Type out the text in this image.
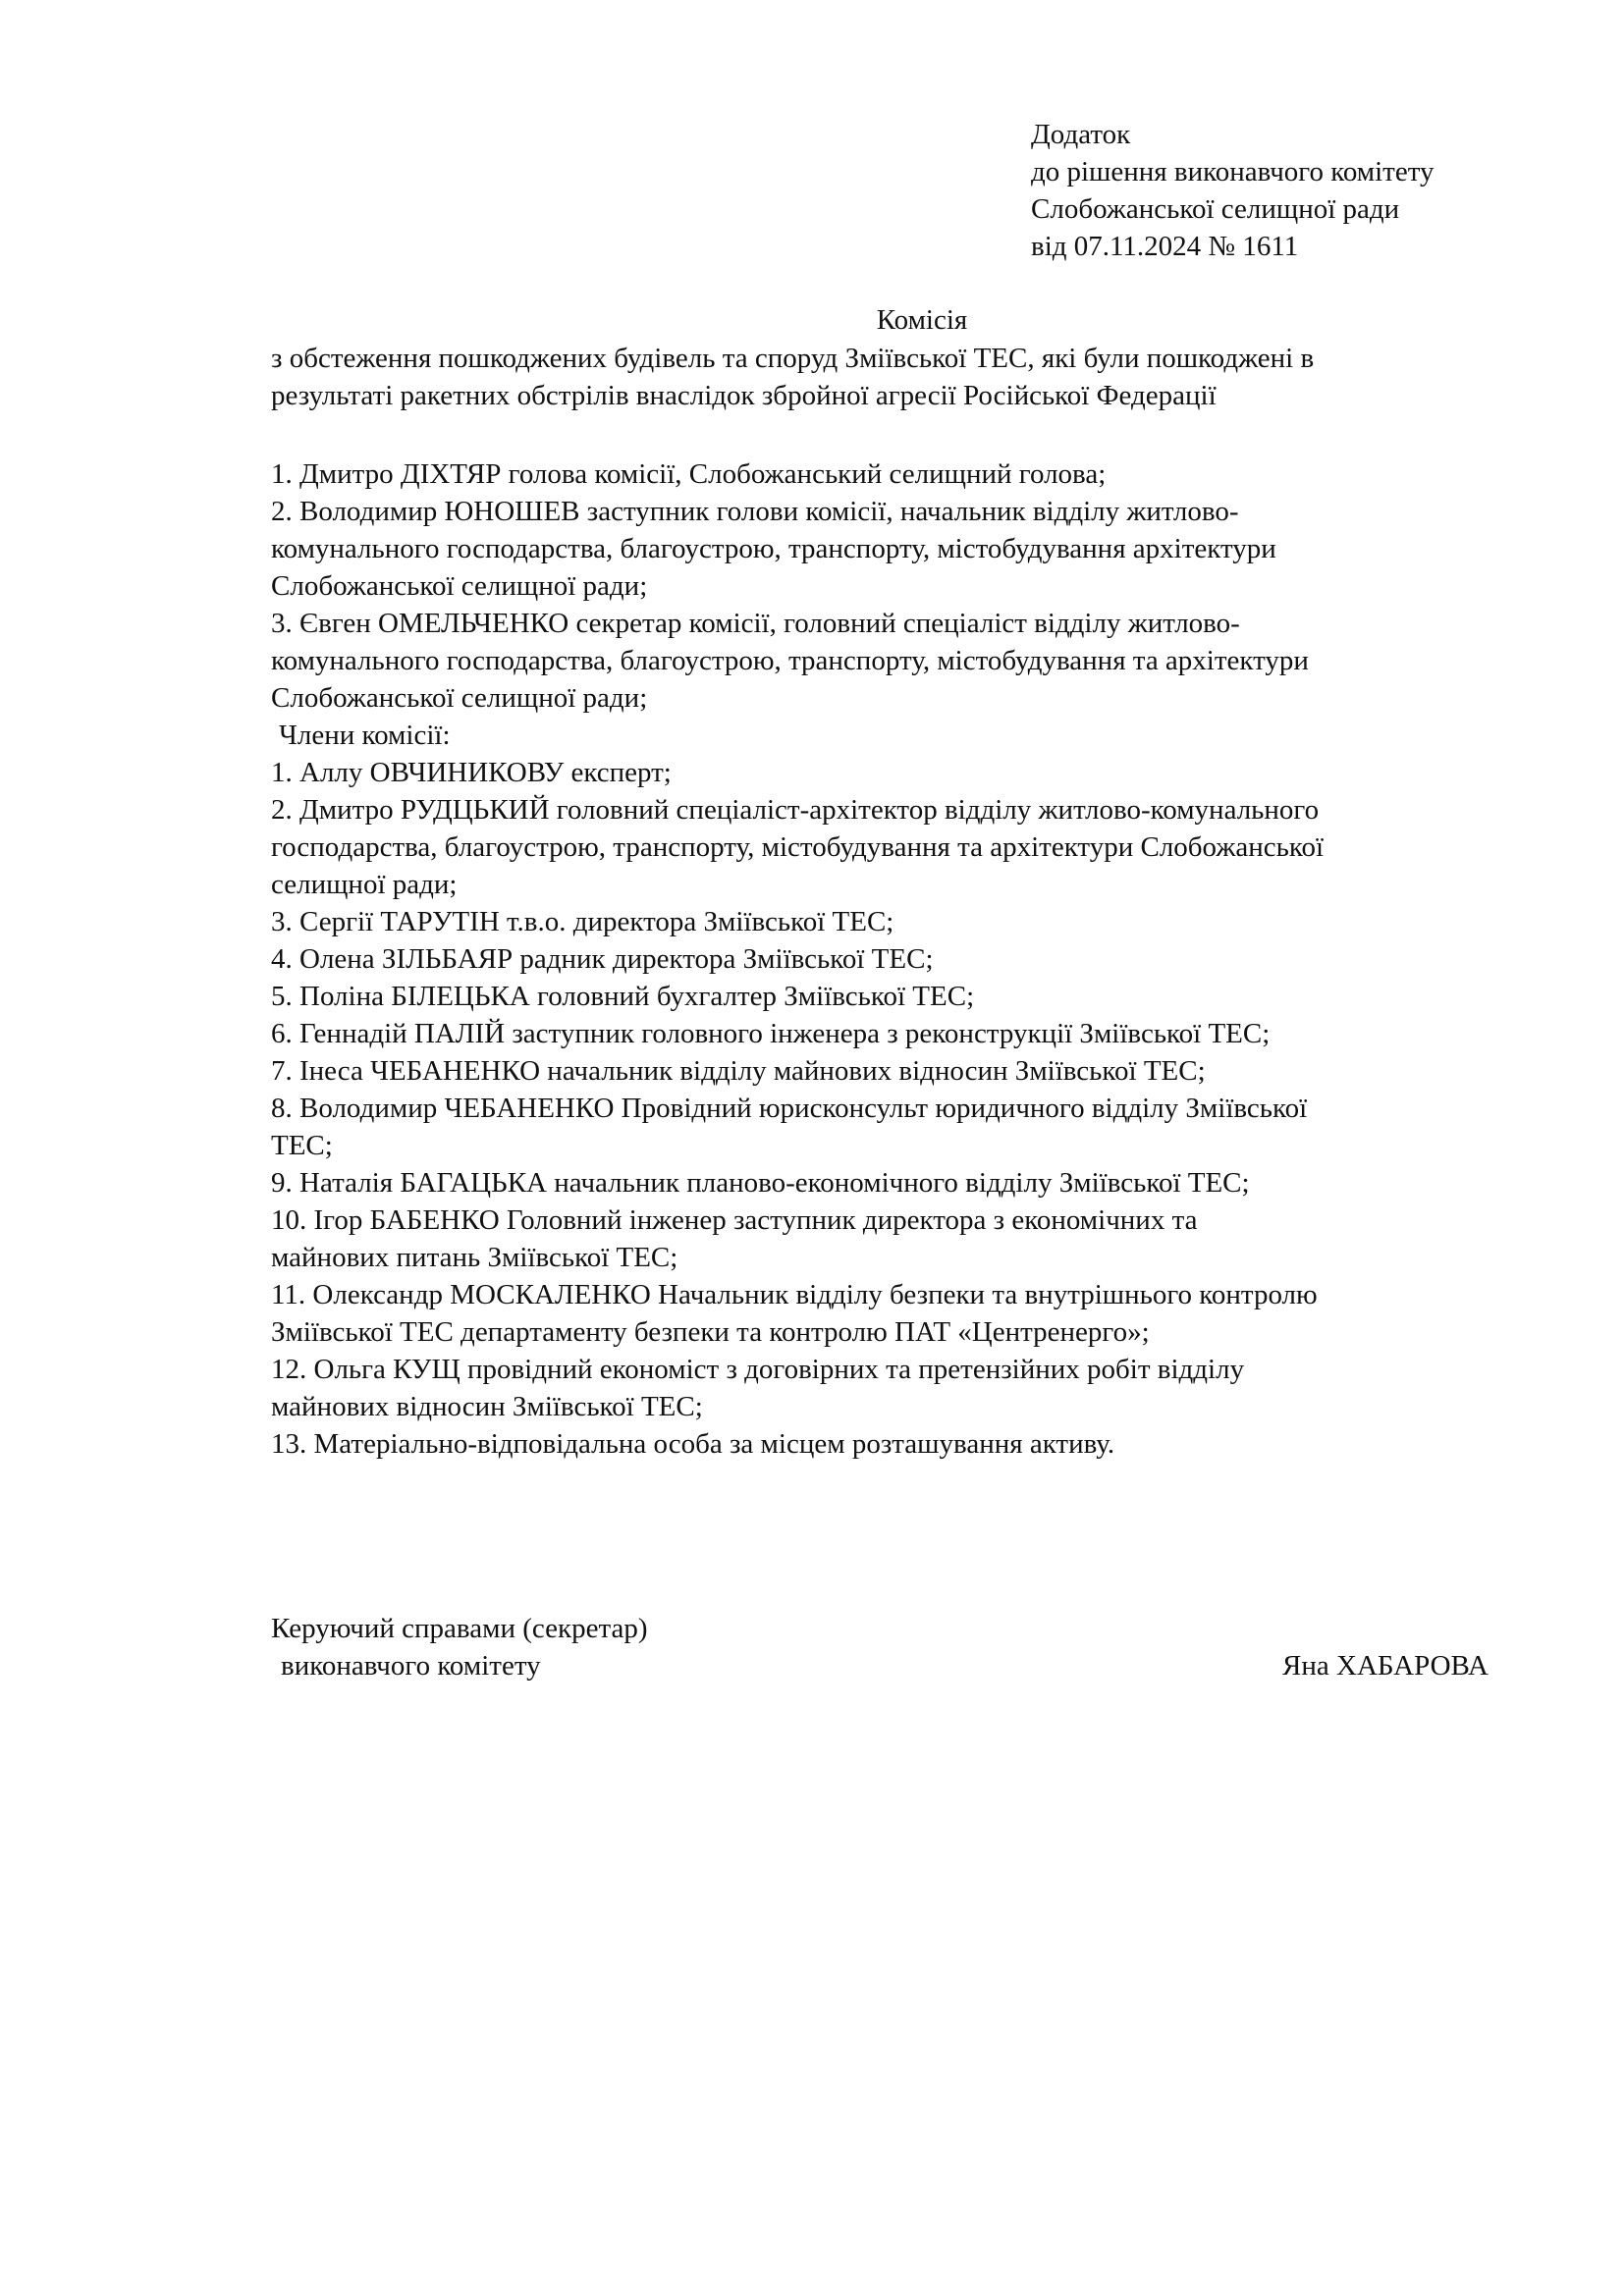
Додаток
до рішення виконавчого комітету
Слобожанської селищної ради
від 07.11.2024 № 1611
Комісія
з обстеження пошкоджених будівель та споруд Зміївської ТЕС, які були пошкоджені в
результаті ракетних обстрілів внаслідок збройної агресії Російської Федерації
1. Дмитро ДІХТЯР голова комісії, Слобожанський селищний голова;
2. Володимир ЮНОШЕВ заступник голови комісії, начальник відділу житлово-
комунального господарства, благоустрою, транспорту, містобудування архітектури
Слобожанської селищної ради;
3. Євген ОМЕЛЬЧЕНКО секретар комісії, головний спеціаліст відділу житлово-
комунального господарства, благоустрою, транспорту, містобудування та архітектури
Слобожанської селищної ради;
Члени комісії:
1. Аллу ОВЧИНИКОВУ експерт;
2. Дмитро РУДЦЬКИЙ головний спеціаліст-архітектор відділу житлово-комунального
господарства, благоустрою, транспорту, містобудування та архітектури Слобожанської
селищної ради;
3. Сергії ТАРУТІН т.в.о. директора Зміївської ТЕС;
4. Олена ЗІЛЬБАЯР радник директора Зміївської ТЕС;
5. Поліна БІЛЕЦЬКА головний бухгалтер Зміївської ТЕС;
6. Геннадій ПАЛІЙ заступник головного інженера з реконструкції Зміївської ТЕС;
7. Інеса ЧЕБАНЕНКО начальник відділу майнових відносин Зміївської ТЕС;
8. Володимир ЧЕБАНЕНКО Провідний юрисконсульт юридичного відділу Зміївської
ТЕС;
9. Наталія БАГАЦЬКА начальник планово-економічного відділу Зміївської ТЕС;
10. Ігор БАБЕНКО Головний інженер заступник директора з економічних та
майнових питань Зміївської ТЕС;
11. Олександр МОСКАЛЕНКО Начальник відділу безпеки та внутрішнього контролю
Зміївської ТЕС департаменту безпеки та контролю ПАТ «Центренерго»;
12. Ольга КУЩ провідний економіст з договірних та претензійних робіт відділу
майнових відносин Зміївської ТЕС;
13. Матеріально-відповідальна особа за місцем розташування активу.
Керуючий справами (секретар)
виконавчого комітету	Яна ХАБАРОВА
